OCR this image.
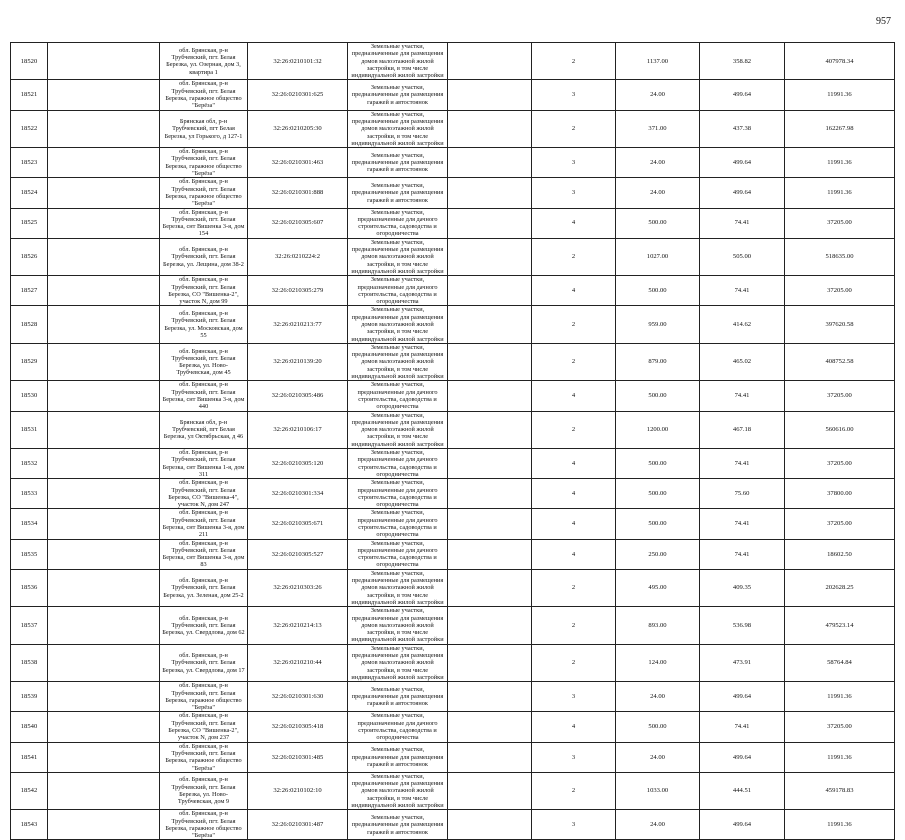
957
18520		обл. Брянская, р-н Трубчевский, пгт. Белая Березка, ул. Озерная, дом 3, квартира 1	32:26:0210101:32	Земельные участки, предназначенные для размещения домов малоэтажной жилой застройки, в том числе индивидуальной жилой застройки		2	1137.00	358.82	407978.34
18521		обл. Брянская, р-н Трубчевский, пгт. Белая Березка, гаражное общество "Берёза"	32:26:0210301:625	Земельные участки, предназначенные для размещения гаражей и автостоянок		3	24.00	499.64	11991.36
18522		Брянская обл, р-н Трубчевский, пгт Белая Березка, ул Горького, д 127-1	32:26:0210205:30	Земельные участки, предназначенные для размещения домов малоэтажной жилой застройки, в том числе индивидуальной жилой застройки		2	371.00	437.38	162267.98
18523		обл. Брянская, р-н Трубчевский, пгт. Белая Березка, гаражное общество "Берёза"	32:26:0210301:463	Земельные участки, предназначенные для размещения гаражей и автостоянок		3	24.00	499.64	11991.36
18524		обл. Брянская, р-н Трубчевский, пгт. Белая Березка, гаражное общество "Берёза"	32:26:0210301:888	Земельные участки, предназначенные для размещения гаражей и автостоянок		3	24.00	499.64	11991.36
18525		обл. Брянская, р-н Трубчевский, пгт. Белая Березка, снт Вишенка 3-я, дом 154	32:26:0210305:607	Земельные участки, предназначенные для дачного строительства, садоводства и огородничества		4	500.00	74.41	37205.00
18526		обл. Брянская, р-н Трубчевский, пгт. Белая Березка, ул. Лещина, дом 38-2	32:26:0210224:2	Земельные участки, предназначенные для размещения домов малоэтажной жилой застройки, в том числе индивидуальной жилой застройки		2	1027.00	505.00	518635.00
18527		обл. Брянская, р-н Трубчевский, пгт. Белая Березка, СО "Вишенка-2", участок N, дом 99	32:26:0210305:279	Земельные участки, предназначенные для дачного строительства, садоводства и огородничества		4	500.00	74.41	37205.00
18528		обл. Брянская, р-н Трубчевский, пгт. Белая Березка, ул. Московская, дом 55	32:26:0210213:77	Земельные участки, предназначенные для размещения домов малоэтажной жилой застройки, в том числе индивидуальной жилой застройки		2	959.00	414.62	397620.58
18529		обл. Брянская, р-н Трубчевский, пгт. Белая Березка, ул. Ново-Трубчевская, дом 45	32:26:0210139:20	Земельные участки, предназначенные для размещения домов малоэтажной жилой застройки, в том числе индивидуальной жилой застройки		2	879.00	465.02	408752.58
18530		обл. Брянская, р-н Трубчевский, пгт. Белая Березка, снт Вишенка 3-я, дом 440	32:26:0210305:486	Земельные участки, предназначенные для дачного строительства, садоводства и огородничества		4	500.00	74.41	37205.00
18531		Брянская обл, р-н Трубчевский, пгт Белая Березка, ул Октябрьская, д 46	32:26:0210106:17	Земельные участки, предназначенные для размещения домов малоэтажной жилой застройки, в том числе индивидуальной жилой застройки		2	1200.00	467.18	560616.00
18532		обл. Брянская, р-н Трубчевский, пгт. Белая Березка, снт Вишенка 1-я, дом 311	32:26:0210305:120	Земельные участки, предназначенные для дачного строительства, садоводства и огородничества		4	500.00	74.41	37205.00
18533		обл. Брянская, р-н Трубчевский, пгт. Белая Березка, СО "Вишенка-4", участок N, дом 247	32:26:0210301:334	Земельные участки, предназначенные для дачного строительства, садоводства и огородничества		4	500.00	75.60	37800.00
18534		обл. Брянская, р-н Трубчевский, пгт. Белая Березка, снт Вишенка 3-я, дом 211	32:26:0210305:671	Земельные участки, предназначенные для дачного строительства, садоводства и огородничества		4	500.00	74.41	37205.00
18535		обл. Брянская, р-н Трубчевский, пгт. Белая Березка, снт Вишенка 3-я, дом 83	32:26:0210305:527	Земельные участки, предназначенные для дачного строительства, садоводства и огородничества		4	250.00	74.41	18602.50
18536		обл. Брянская, р-н Трубчевский, пгт. Белая Березка, ул. Зеленая, дом 25-2	32:26:0210303:26	Земельные участки, предназначенные для размещения домов малоэтажной жилой застройки, в том числе индивидуальной жилой застройки		2	495.00	409.35	202628.25
18537		обл. Брянская, р-н Трубчевский, пгт. Белая Березка, ул. Свердлова, дом 62	32:26:0210214:13	Земельные участки, предназначенные для размещения домов малоэтажной жилой застройки, в том числе индивидуальной жилой застройки		2	893.00	536.98	479523.14
18538		обл. Брянская, р-н Трубчевский, пгт. Белая Березка, ул. Свердлова, дом 17	32:26:0210210:44	Земельные участки, предназначенные для размещения домов малоэтажной жилой застройки, в том числе индивидуальной жилой застройки		2	124.00	473.91	58764.84
18539		обл. Брянская, р-н Трубчевский, пгт. Белая Березка, гаражное общество "Берёза"	32:26:0210301:630	Земельные участки, предназначенные для размещения гаражей и автостоянок		3	24.00	499.64	11991.36
18540		обл. Брянская, р-н Трубчевский, пгт. Белая Березка, СО "Вишенка-2", участок N, дом 237	32:26:0210305:418	Земельные участки, предназначенные для дачного строительства, садоводства и огородничества		4	500.00	74.41	37205.00
18541		обл. Брянская, р-н Трубчевский, пгт. Белая Березка, гаражное общество "Берёза"	32:26:0210301:485	Земельные участки, предназначенные для размещения гаражей и автостоянок		3	24.00	499.64	11991.36
18542		обл. Брянская, р-н Трубчевский, пгт. Белая Березка, ул. Ново-Трубчевская, дом 9	32:26:0210102:10	Земельные участки, предназначенные для размещения домов малоэтажной жилой застройки, в том числе индивидуальной жилой застройки		2	1033.00	444.51	459178.83
18543		обл. Брянская, р-н Трубчевский, пгт. Белая Березка, гаражное общество "Берёза"	32:26:0210301:487	Земельные участки, предназначенные для размещения гаражей и автостоянок		3	24.00	499.64	11991.36
